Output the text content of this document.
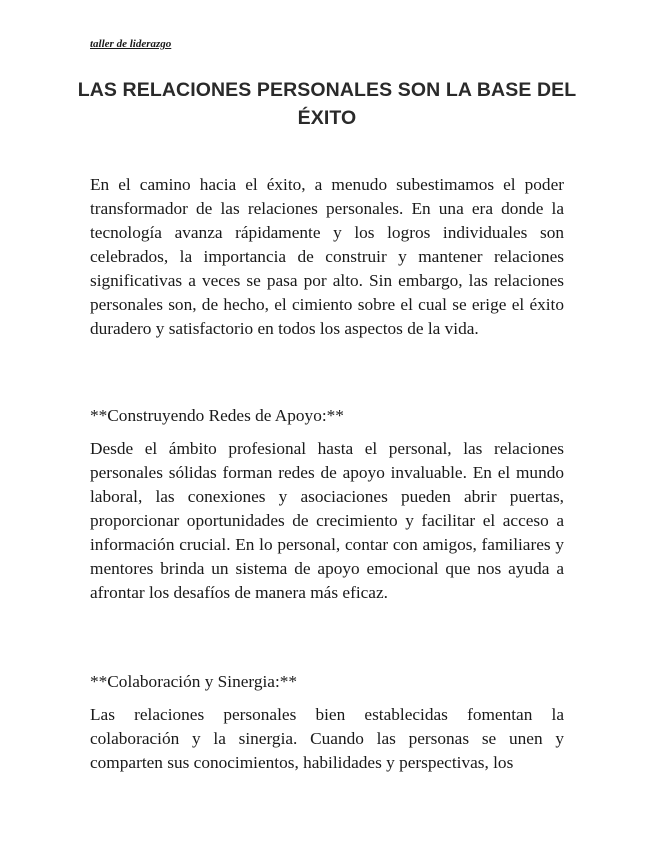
taller de liderazgo
LAS RELACIONES PERSONALES SON LA BASE DEL ÉXITO

En el camino hacia el éxito, a menudo subestimamos el poder transformador de las relaciones personales. En una era donde la tecnología avanza rápidamente y los logros individuales son celebrados, la importancia de construir y mantener relaciones significativas a veces se pasa por alto. Sin embargo, las relaciones personales son, de hecho, el cimiento sobre el cual se erige el éxito duradero y satisfactorio en todos los aspectos de la vida.

**Construyendo Redes de Apoyo:**

Desde el ámbito profesional hasta el personal, las relaciones personales sólidas forman redes de apoyo invaluable. En el mundo laboral, las conexiones y asociaciones pueden abrir puertas, proporcionar oportunidades de crecimiento y facilitar el acceso a información crucial. En lo personal, contar con amigos, familiares y mentores brinda un sistema de apoyo emocional que nos ayuda a afrontar los desafíos de manera más eficaz.

**Colaboración y Sinergia:**

Las relaciones personales bien establecidas fomentan la colaboración y la sinergia. Cuando las personas se unen y comparten sus conocimientos, habilidades y perspectivas, los
